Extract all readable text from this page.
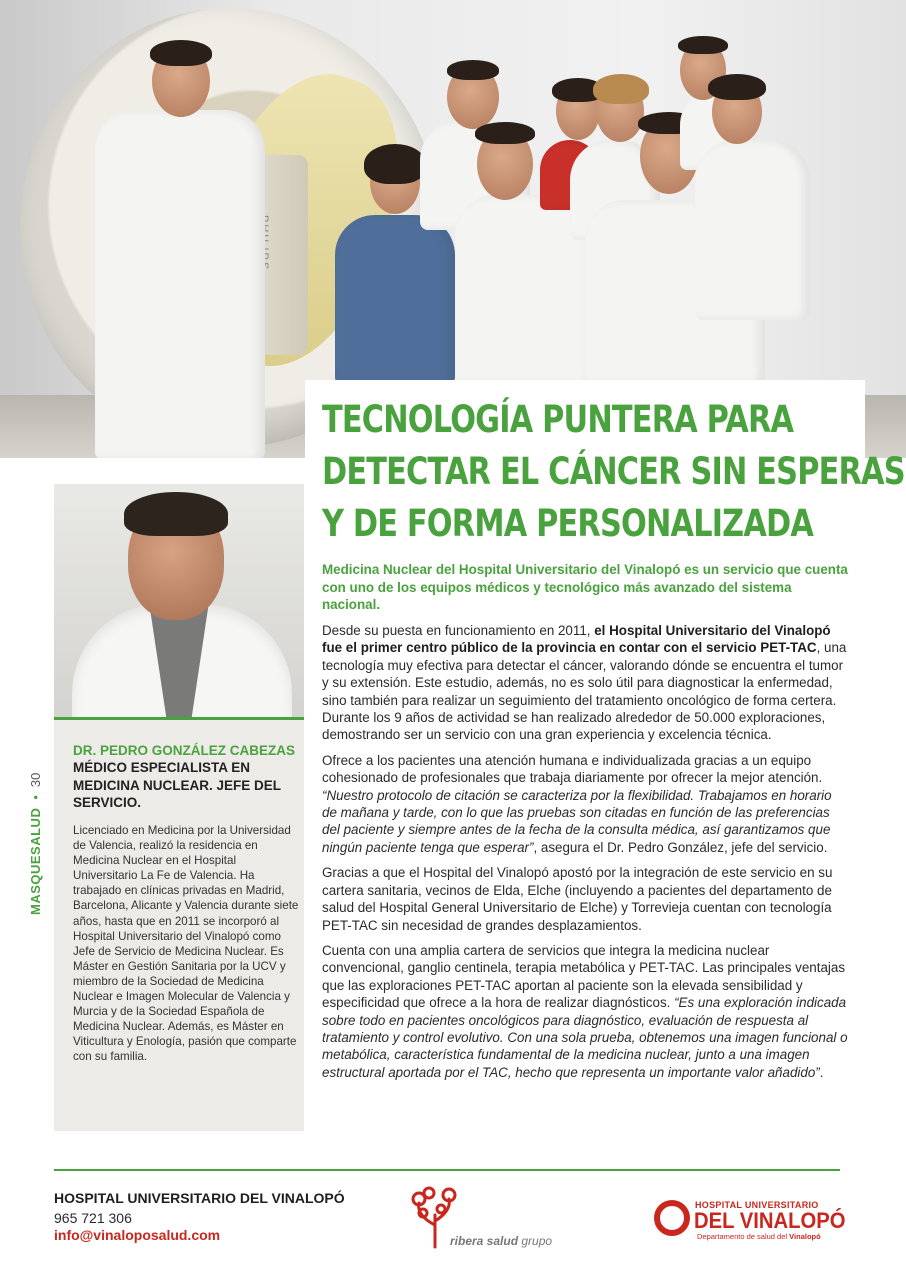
TECNOLOGÍA PUNTERA PARA
DETECTAR EL CÁNCER SIN ESPERAS
Y DE FORMA PERSONALIZADA
DR. PEDRO GONZÁLEZ CABEZAS
MÉDICO ESPECIALISTA EN MEDICINA NUCLEAR. JEFE DEL SERVICIO.
Licenciado en Medicina por la Universidad de Valencia, realizó la residencia en Medicina Nuclear en el Hospital Universitario La Fe de Valencia. Ha trabajado en clínicas privadas en Madrid, Barcelona, Alicante y Valencia durante siete años, hasta que en 2011 se incorporó al Hospital Universitario del Vinalopó como Jefe de Servicio de Medicina Nuclear. Es Máster en Gestión Sanitaria por la UCV y miembro de la Sociedad de Medicina Nuclear e Imagen Molecular de Valencia y Murcia y de la Sociedad Española de Medicina Nuclear. Además, es Máster en Viticultura y Enología, pasión que comparte con su familia.
MASQUESALUD•30

Medicina Nuclear del Hospital Universitario del Vinalopó es un servicio que cuenta con uno de los equipos médicos y tecnológico más avanzado del sistema nacional.

Desde su puesta en funcionamiento en 2011, el Hospital Universitario del Vinalopó fue el primer centro público de la provincia en contar con el servicio PET-TAC, una tecnología muy efectiva para detectar el cáncer, valorando dónde se encuentra el tumor y su extensión. Este estudio, además, no es solo útil para diagnosticar la enfermedad, sino también para realizar un seguimiento del tratamiento oncológico de forma certera. Durante los 9 años de actividad se han realizado alrededor de 50.000 exploraciones, demostrando ser un servicio con una gran experiencia y excelencia técnica.

Ofrece a los pacientes una atención humana e individualizada gracias a un equipo cohesionado de profesionales que trabaja diariamente por ofrecer la mejor atención. “Nuestro protocolo de citación se caracteriza por la flexibilidad. Trabajamos en horario de mañana y tarde, con lo que las pruebas son citadas en función de las preferencias del paciente y siempre antes de la fecha de la consulta médica, así garantizamos que ningún paciente tenga que esperar”, asegura el Dr. Pedro González, jefe del servicio.

Gracias a que el Hospital del Vinalopó apostó por la integración de este servicio en su cartera sanitaria, vecinos de Elda, Elche (incluyendo a pacientes del departamento de salud del Hospital General Universitario de Elche) y Torrevieja cuentan con tecnología PET-TAC sin necesidad de grandes desplazamientos.

Cuenta con una amplia cartera de servicios que integra la medicina nuclear convencional, ganglio centinela, terapia metabólica y PET-TAC. Las principales ventajas que las exploraciones PET-TAC aportan al paciente son la elevada sensibilidad y especificidad que ofrece a la hora de realizar diagnósticos. “Es una exploración indicada sobre todo en pacientes oncológicos para diagnóstico, evaluación de respuesta al tratamiento y control evolutivo. Con una sola prueba, obtenemos una imagen funcional o metabólica, característica fundamental de la medicina nuclear, junto a una imagen estructural aportada por el TAC, hecho que representa un importante valor añadido”.

HOSPITAL UNIVERSITARIO DEL VINALOPÓ
965 721 306
info@vinaloposalud.com	ribera salud grupo
HOSPITAL UNIVERSITARIO
DEL VINALOPÓ
Departamento de salud del Vinalopó
